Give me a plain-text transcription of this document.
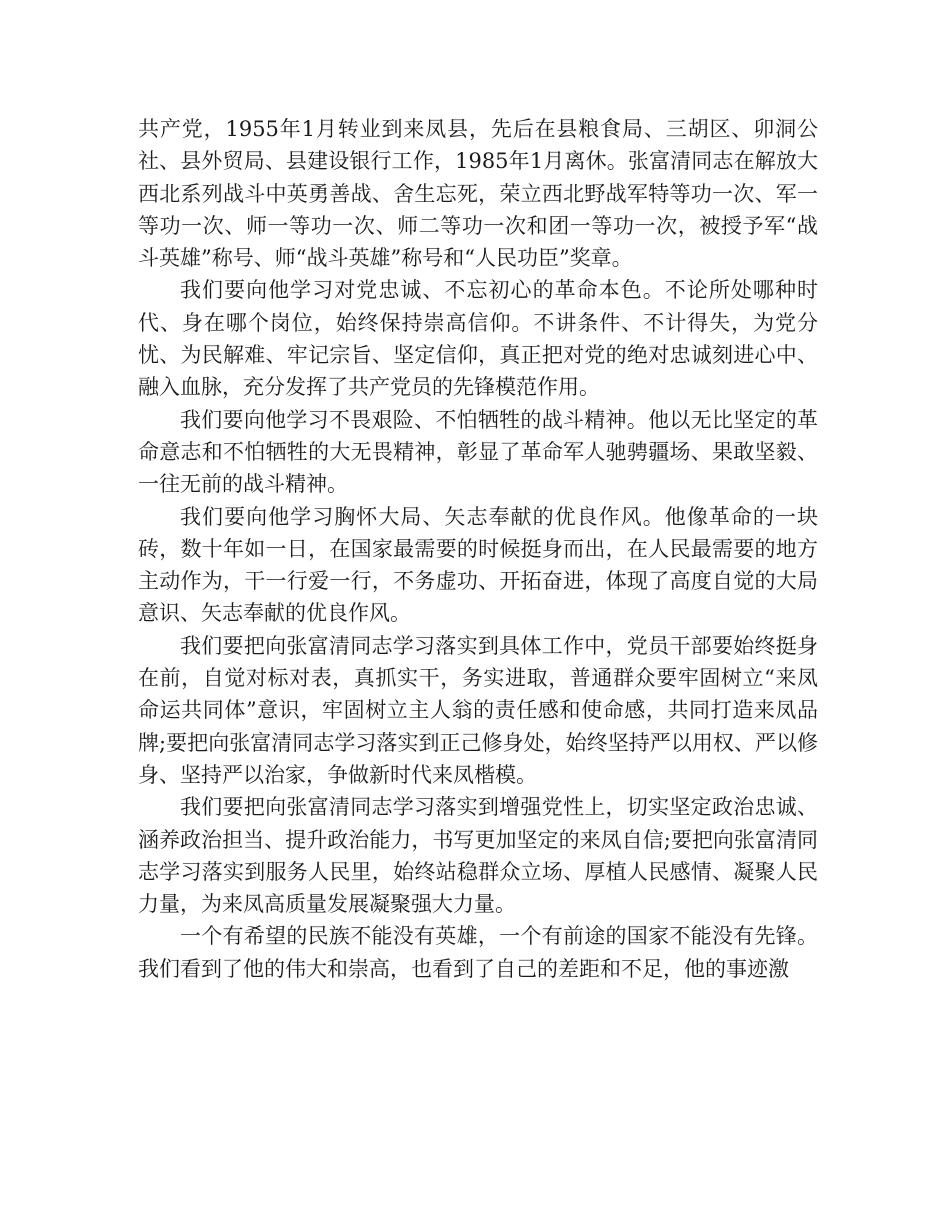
共产党，1955年1月转业到来凤县，先后在县粮食局、三胡区、卯洞公社、县外贸局、县建设银行工作，1985年1月离休。张富清同志在解放大西北系列战斗中英勇善战、舍生忘死，荣立西北野战军特等功一次、军一等功一次、师一等功一次、师二等功一次和团一等功一次，被授予军“战斗英雄”称号、师“战斗英雄”称号和“人民功臣”奖章。

我们要向他学习对党忠诚、不忘初心的革命本色。不论所处哪种时代、身在哪个岗位，始终保持崇高信仰。不讲条件、不计得失，为党分忧、为民解难、牢记宗旨、坚定信仰，真正把对党的绝对忠诚刻进心中、融入血脉，充分发挥了共产党员的先锋模范作用。

我们要向他学习不畏艰险、不怕牺牲的战斗精神。他以无比坚定的革命意志和不怕牺牲的大无畏精神，彰显了革命军人驰骋疆场、果敢坚毅、一往无前的战斗精神。

我们要向他学习胸怀大局、矢志奉献的优良作风。他像革命的一块砖，数十年如一日，在国家最需要的时候挺身而出，在人民最需要的地方主动作为，干一行爱一行，不务虚功、开拓奋进，体现了高度自觉的大局意识、矢志奉献的优良作风。

我们要把向张富清同志学习落实到具体工作中，党员干部要始终挺身在前，自觉对标对表，真抓实干，务实进取，普通群众要牢固树立“来凤命运共同体”意识，牢固树立主人翁的责任感和使命感，共同打造来凤品牌;要把向张富清同志学习落实到正己修身处，始终坚持严以用权、严以修身、坚持严以治家，争做新时代来凤楷模。

我们要把向张富清同志学习落实到增强党性上，切实坚定政治忠诚、涵养政治担当、提升政治能力，书写更加坚定的来凤自信;要把向张富清同志学习落实到服务人民里，始终站稳群众立场、厚植人民感情、凝聚人民力量，为来凤高质量发展凝聚强大力量。

一个有希望的民族不能没有英雄，一个有前途的国家不能没有先锋。我们看到了他的伟大和崇高，也看到了自己的差距和不足，他的事迹激
